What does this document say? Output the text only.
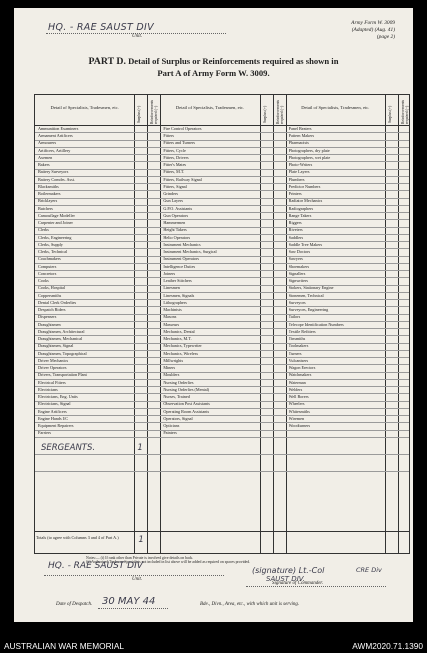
HQ. - RAE SAUST DIV
Unit.
Army Form W. 3009
(Adapted) (Aug. 41)
(page 2)
PART D. Detail of Surplus or Reinforcements required as shown in
Part A of Army Form W. 3009.
Detail of Specialists, Tradesmen, etc.	Surplus (+) Reinforcements required (−)
Ammunition Examiners
Armament Artificers
Armourers
Artificers, Artillery
Axemen
Bakers
Battery Surveyors
Battery Comdrs. Asst.
Blacksmiths
Boilermakers
Bricklayers
Butchers
Camouflage Modeller
Carpenter and Joiner
Clerks
Clerks, Engineering
Clerks, Supply
Clerks, Technical
Coachmakers
Computers
Concretors
Cooks
Cooks, Hospital
Coppersmiths
Dental Clerk Orderlies
Despatch Riders
Dispensers
Draughtsmen
Draughtsmen, Architectural
Draughtsmen, Mechanical
Draughtsmen, Signal
Draughtsmen, Topographical
Driver Mechanics
Driver Operators
Drivers, Transportation Plant
Electrical Fitters
Electricians
Electricians, Eng. Units
Electricians, Signal
Engine Artificers
Engine Hands I/C
Equipment Repairers
Farriers
Detail of Specialists, Tradesmen, etc.	Surplus (+) Reinforcements required (−)
Fire Control Operators
Fitters
Fitters and Turners
Fitters, Cycle
Fitters, Drivers
Fitter's Mates
Fitters, M.T.
Fitters, Railway Signal
Fitters, Signal
Grinders
Gun Layers
G.P.O. Assistants
Gun Operators
Hammermen
Height Takers
Helio Operators
Instrument Mechanics
Instrument Mechanics, Surgical
Instrument Operators
Intelligence Duties
Joiners
Leather Stitchers
Linesmen
Linesmen, Signals
Lithographers
Machinists
Masons
Masseurs
Mechanics, Dental
Mechanics, M.T.
Mechanics, Typewriter
Mechanics, Wireless
Millwrights
Miners
Moulders
Nursing Orderlies
Nursing Orderlies (Mental)
Nurses, Trained
Observation Post Assistants
Operating Room Assistants
Operators, Signal
Opticians
Painters
Detail of Specialists, Tradesmen, etc.	Surplus (+) Reinforcements required (−)
Panel Beaters
Pattern Makers
Pharmacists
Photographers, dry plate
Photographers, wet plate
Photo-Writers
Plate Layers
Plumbers
Predictor Numbers
Printers
Radiator Mechanics
Radiographers
Range Takers
Riggers
Riveters
Saddlers
Saddle Tree Makers
Saw Doctors
Sawyers
Shoemakers
Signallers
Signwriters
Stokers, Stationary Engine
Stonemen, Technical
Surveyors
Surveyors, Engineering
Tailors
Telecope Identification Numbers
Textile Refitters
Tinsmiths
Toolmakers
Turners
Vulcanisers
Wagon Erectors
Watchmakers
Waterman
Welders
Well Borers
Wheelers
Whitesmiths
Wiremen
Woodturners
SERGEANTS.	1
Totals (to agree with Columns 3 and 4 of Part A.)	1
Notes:— (i) If rank other than Private is involved give details on back.
(ii) Authorised Trades or Specialists not included in list above will be added as required on spaces provided.
HQ. - RAE SAUST DIV
Unit.
(signature) Lt.-Col	CRE Div
SAUST DIV.
Signature of Commander.
Date of Despatch. 30 MAY 44	Bde., Divn., Area, etc., with which unit is serving.
AUSTRALIAN WAR MEMORIAL	AWM2020.71.1390
